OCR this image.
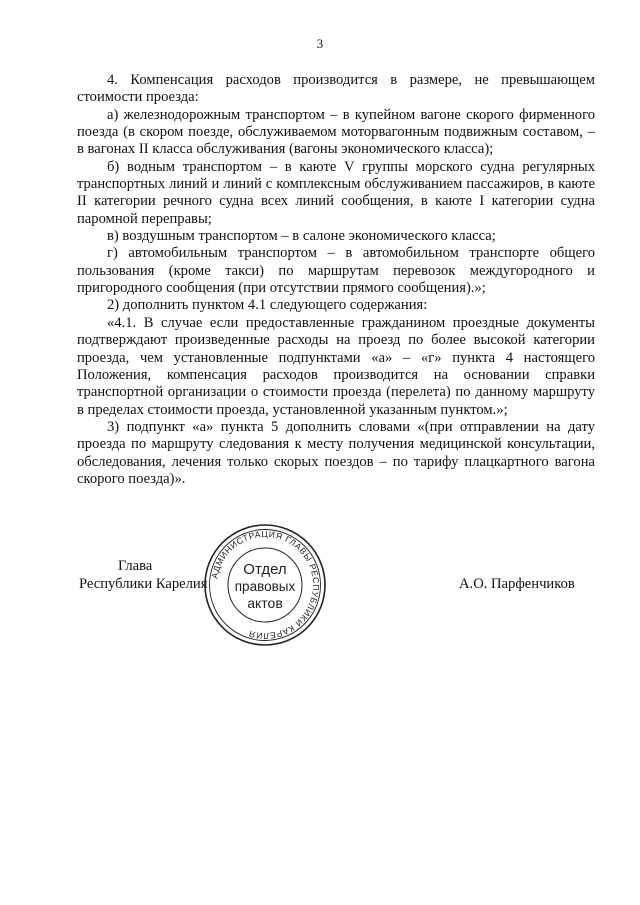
3

4. Компенсация расходов производится в размере, не превышающем стоимости проезда:

а) железнодорожным транспортом – в купейном вагоне скорого фирменного поезда (в скором поезде, обслуживаемом моторвагонным подвижным составом, – в вагонах II класса обслуживания (вагоны экономического класса);

б) водным транспортом – в каюте V группы морского судна регулярных транспортных линий и линий с комплексным обслуживанием пассажиров, в каюте II категории речного судна всех линий сообщения, в каюте I категории судна паромной переправы;

в) воздушным транспортом – в салоне экономического класса;

г) автомобильным транспортом – в автомобильном транспорте общего пользования (кроме такси) по маршрутам перевозок междугородного и пригородного сообщения (при отсутствии прямого сообщения).»;

2) дополнить пунктом 4.1 следующего содержания:

«4.1. В случае если предоставленные гражданином проездные документы подтверждают произведенные расходы на проезд по более высокой категории проезда, чем установленные подпунктами «а» – «г» пункта 4 настоящего Положения, компенсация расходов производится на основании справки транспортной организации о стоимости проезда (перелета) по данному маршруту в пределах стоимости проезда, установленной указанным пунктом.»;

3) подпункт «а» пункта 5 дополнить словами «(при отправлении на дату проезда по маршруту следования к месту получения медицинской консультации, обследования, лечения только скорых поездов – по тарифу плацкартного вагона скорого поезда)».

Глава
Республики Карелия	А.О. Парфенчиков
АДМИНИСТРАЦИЯ ГЛАВЫ РЕСПУБЛИКИ КАРЕЛИЯ
Отдел
правовых
актов
